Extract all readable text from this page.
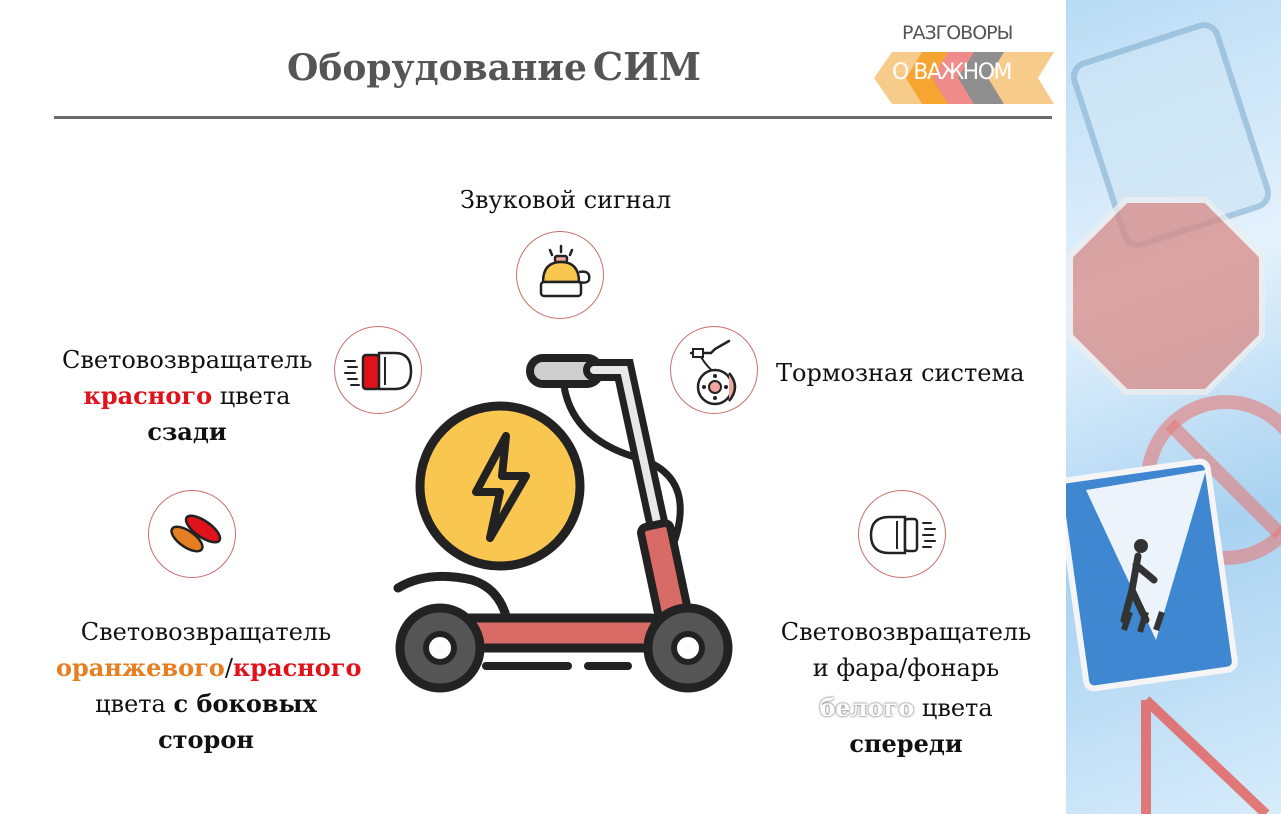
Оборудование СИМ
РАЗГОВОРЫ
О ВАЖНОМ
Звуковой сигнал
Тормозная система
Световозвращатель
красного цвета
сзади
Световозвращатель
оранжевого/красного
цвета с боковых
сторон
Световозвращатель
и фара/фонарь
белого цвета
спереди
